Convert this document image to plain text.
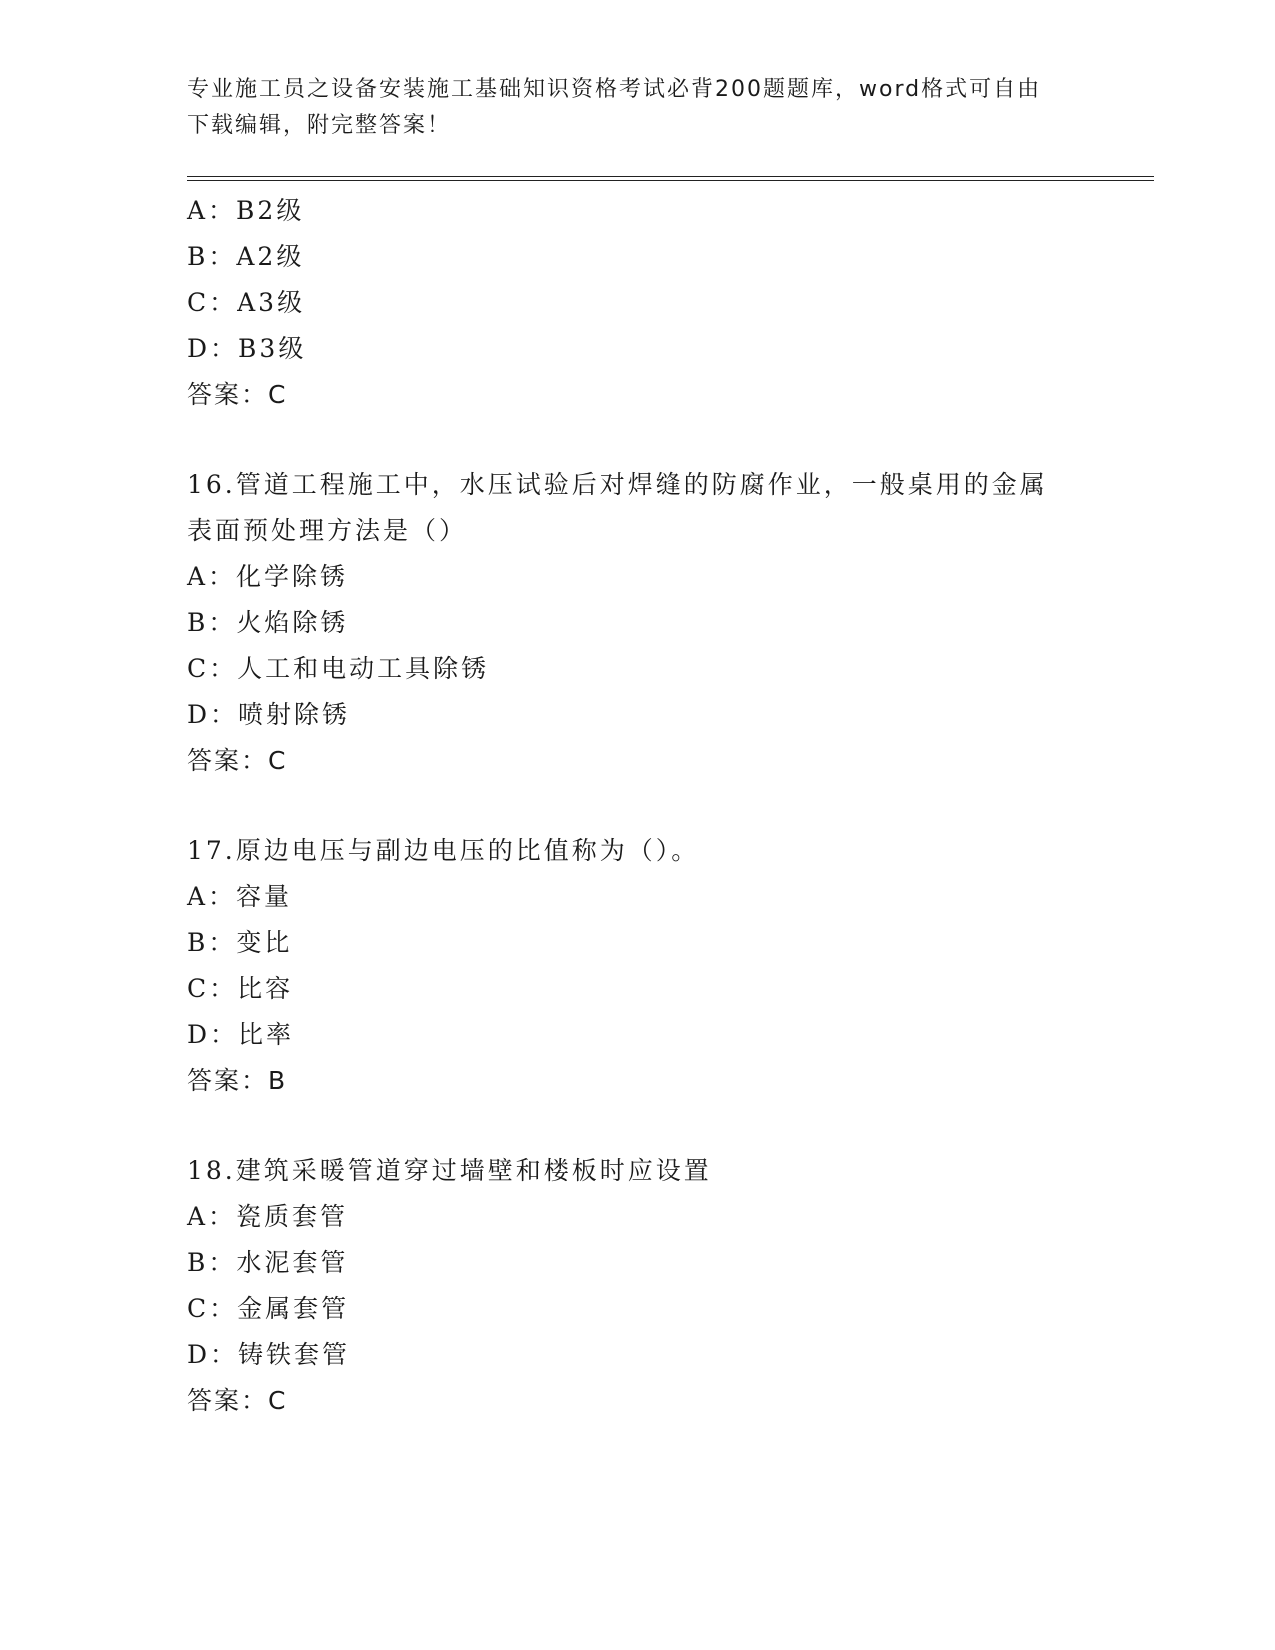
专业施工员之设备安装施工基础知识资格考试必背200题题库，word格式可自由
下载编辑，附完整答案！
A：B2级
B：A2级
C：A3级
D：B3级
答案：C
16.管道工程施工中，水压试验后对焊缝的防腐作业，一般桌用的金属
表面预处理方法是（）
A：化学除锈
B：火焰除锈
C：人工和电动工具除锈
D：喷射除锈
答案：C
17.原边电压与副边电压的比值称为（）。
A：容量
B：变比
C：比容
D：比率
答案：B
18.建筑采暖管道穿过墙壁和楼板时应设置
A：瓷质套管
B：水泥套管
C：金属套管
D：铸铁套管
答案：C
